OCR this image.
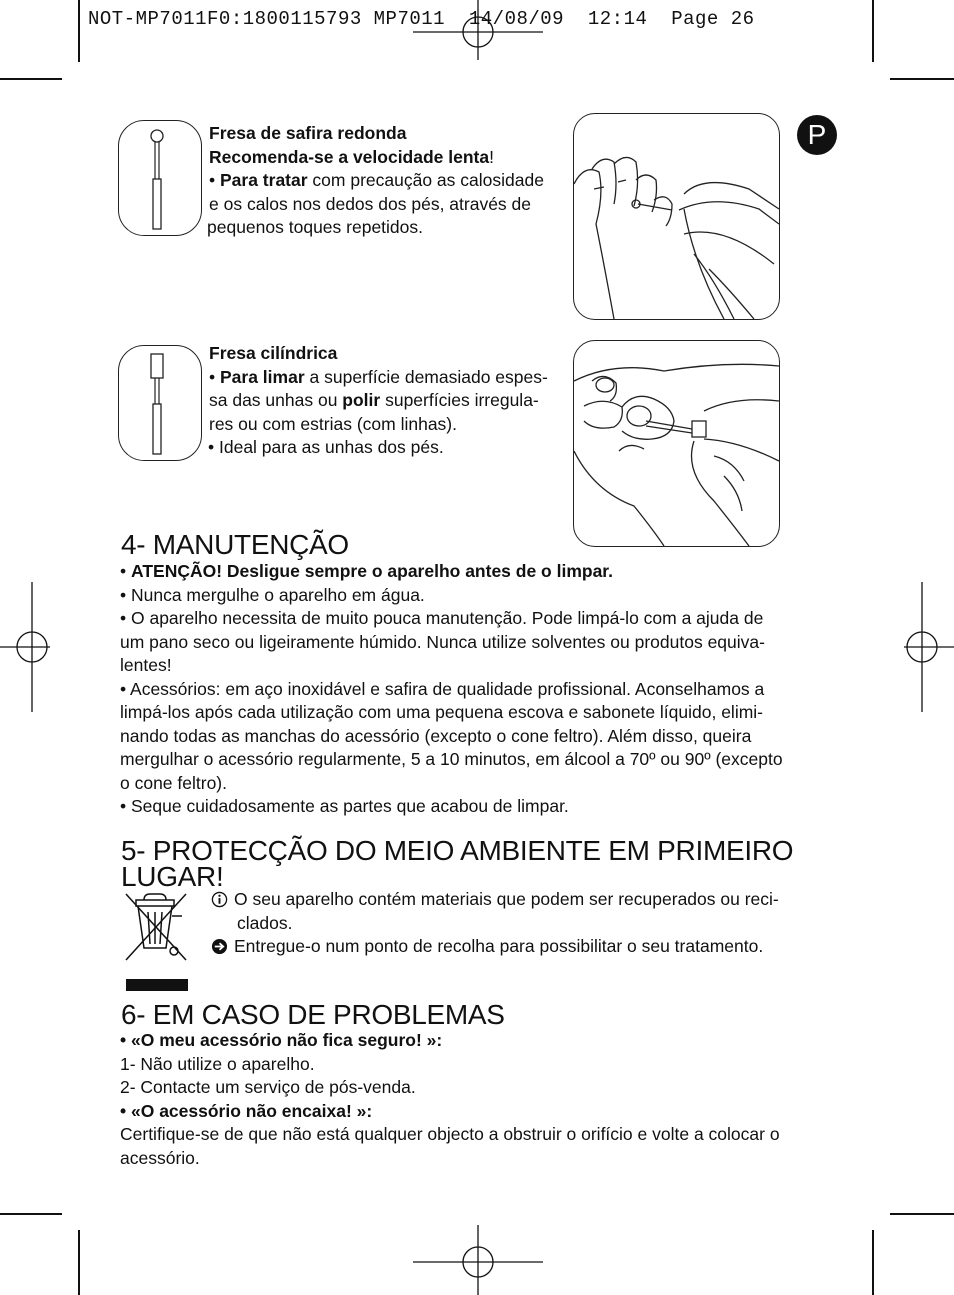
NOT-MP7011F0:1800115793 MP7011  14/08/09  12:14  Page 26
P

Fresa de safira redonda

Recomenda-se a velocidade lenta!

• Para tratar com precaução as calosidade

e os calos nos dedos dos pés, através de

pequenos toques repetidos.

Fresa cilíndrica

• Para limar a superfície demasiado espes-

sa das unhas ou polir superfícies irregula-

res ou com estrias (com linhas).

• Ideal para as unhas dos pés.

4- MANUTENÇÃO

• ATENÇÃO! Desligue sempre o aparelho antes de o limpar.

• Nunca mergulhe o aparelho em água.

• O aparelho necessita de muito pouca manutenção. Pode limpá-lo com a ajuda de

um pano seco ou ligeiramente húmido. Nunca utilize solventes ou produtos equiva-

lentes!

• Acessórios: em aço inoxidável e safira de qualidade profissional. Aconselhamos a

limpá-los após cada utilização com uma pequena escova e sabonete líquido, elimi-

nando todas as manchas do acessório (excepto o cone feltro). Além disso, queira

mergulhar o acessório regularmente, 5 a 10 minutos, em álcool a 70º ou 90º (excepto

o cone feltro).

• Seque cuidadosamente as partes que acabou de limpar.

5- PROTECÇÃO DO MEIO AMBIENTE EM PRIMEIRO
LUGAR!

O seu aparelho contém materiais que podem ser recuperados ou reci-

clados.

Entregue-o num ponto de recolha para possibilitar o seu tratamento.

6- EM CASO DE PROBLEMAS

• «O meu acessório não fica seguro! »:

1- Não utilize o aparelho.

2- Contacte um serviço de pós-venda.

• «O acessório não encaixa! »:

Certifique-se de que não está qualquer objecto a obstruir o orifício e volte a colocar o

acessório.
